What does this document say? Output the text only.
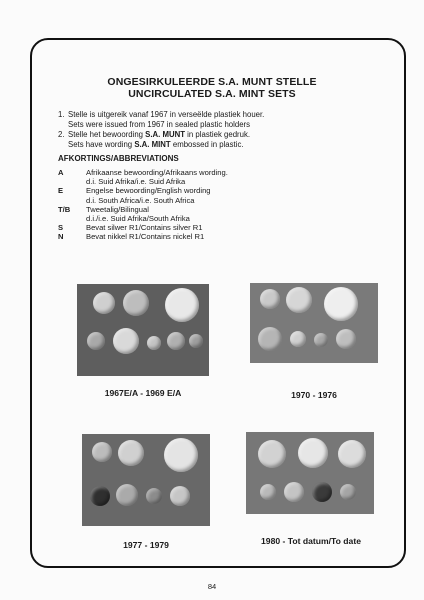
ONGESIRKULEERDE S.A. MUNT STELLE
UNCIRCULATED S.A. MINT SETS
1. Stelle is uitgereik vanaf 1967 in verseëlde plastiek houer.
Sets were issued from 1967 in sealed plastic holders
2. Stelle het bewoording S.A. MUNT in plastiek gedruk.
Sets have wording S.A. MINT embossed in plastic.
AFKORTINGS/ABBREVIATIONS
A	Afrikaanse bewoording/Afrikaans wording.
d.i. Suid Afrika/i.e. Suid Afrika
E	Engelse bewoording/English wording
d.i. South Africa/i.e. South Africa
T/B	Tweetalig/Bilingual
d.i./i.e. Suid Afrika/South Afrika
S	Bevat silwer R1/Contains silver R1
N	Bevat nikkel R1/Contains nickel R1
1967E/A - 1969 E/A	1970 - 1976
1977 - 1979	1980 - Tot datum/To date
84
